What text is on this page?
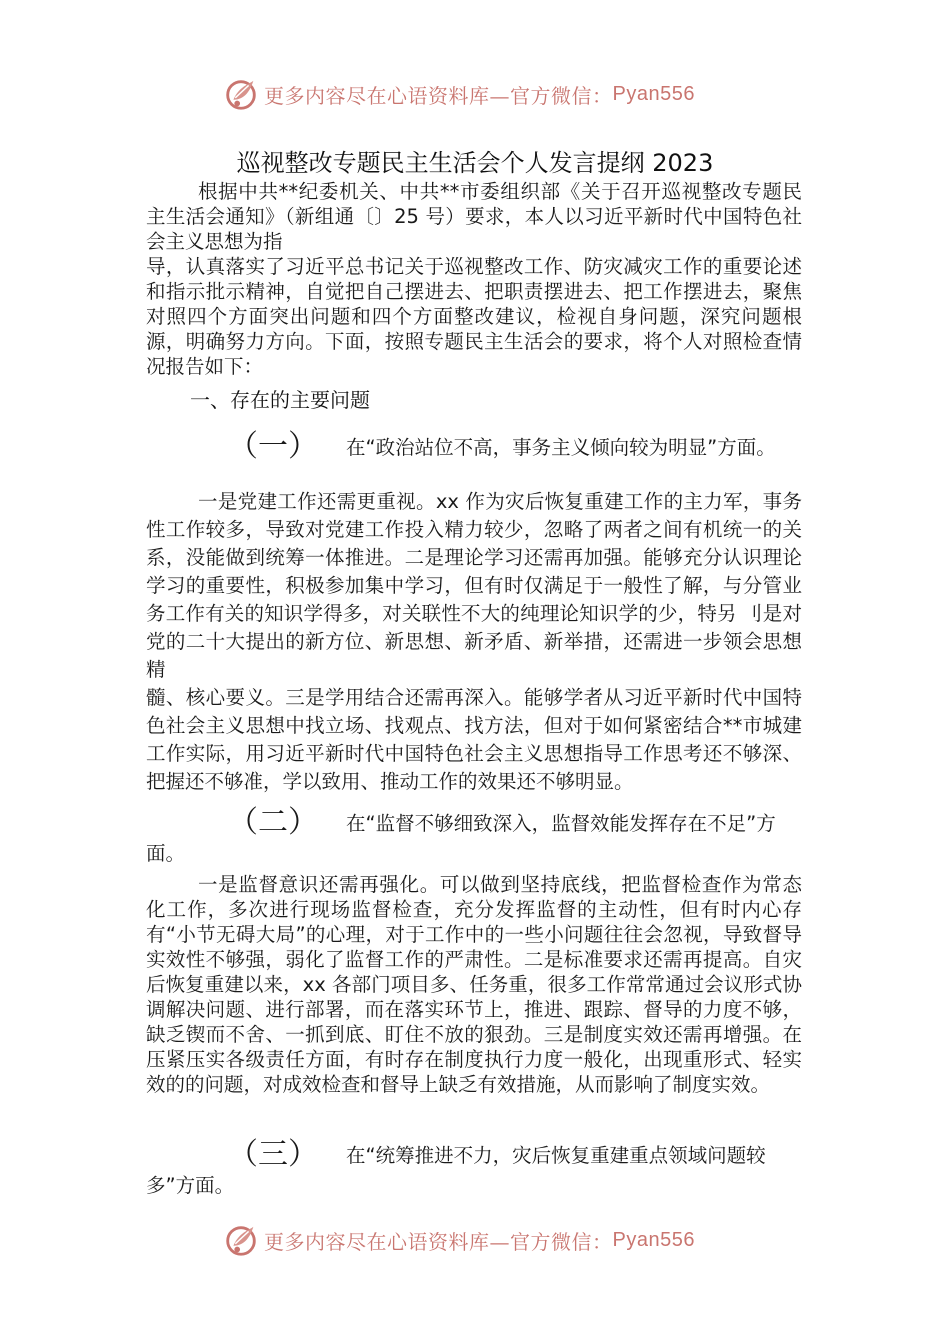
更多内容尽在心语资料库—官方微信： Pyan556
巡视整改专题民主生活会个人发言提纲 2023

根据中共**纪委机关、中共**市委组织部《关于召开巡视整改专题民主生活会通知》（新组通〔〕25 号）要求，本人以习近平新时代中国特色社会主义思想为指

导，认真落实了习近平总书记关于巡视整改工作、防灾减灾工作的重要论述和指示批示精神，自觉把自己摆进去、把职责摆进去、把工作摆进去，聚焦对照四个方面突出问题和四个方面整改建议，检视自身问题，深究问题根源，明确努力方向。下面，按照专题民主生活会的要求，将个人对照检查情况报告如下：

一、存在的主要问题
（一） 在“政治站位不高，事务主义倾向较为明显”方面。

一是党建工作还需更重视。xx 作为灾后恢复重建工作的主力军，事务性工作较多，导致对党建工作投入精力较少，忽略了两者之间有机统一的关系，没能做到统筹一体推进。二是理论学习还需再加强。能够充分认识理论学习的重要性，积极参加集中学习，但有时仅满足于一般性了解，与分管业务工作有关的知识学得多，对关联性不大的纯理论知识学的少，特另 刂是对党的二十大提出的新方位、新思想、新矛盾、新举措，还需进一步领会思想精

髓、核心要义。三是学用结合还需再深入。能够学者从习近平新时代中国特色社会主义思想中找立场、找观点、找方法，但对于如何紧密结合**市城建工作实际，用习近平新时代中国特色社会主义思想指导工作思考还不够深、把握还不够准，学以致用、推动工作的效果还不够明显。

（二） 在“监督不够细致深入，监督效能发挥存在不足”方
面。

一是监督意识还需再强化。可以做到坚持底线，把监督检查作为常态化工作，多次进行现场监督检查，充分发挥监督的主动性，但有时内心存有“小节无碍大局”的心理，对于工作中的一些小问题往往会忽视，导致督导实效性不够强，弱化了监督工作的严肃性。二是标准要求还需再提高。自灾后恢复重建以来，xx 各部门项目多、任务重，很多工作常常通过会议形式协调解决问题、进行部署，而在落实环节上，推进、跟踪、督导的力度不够，缺乏锲而不舍、一抓到底、盯住不放的狠劲。三是制度实效还需再增强。在压紧压实各级责任方面，有时存在制度执行力度一般化，出现重形式、轻实效的的问题，对成效检查和督导上缺乏有效措施，从而影响了制度实效。

（三） 在“统筹推进不力，灾后恢复重建重点领域问题较
多”方面。
更多内容尽在心语资料库—官方微信： Pyan556
